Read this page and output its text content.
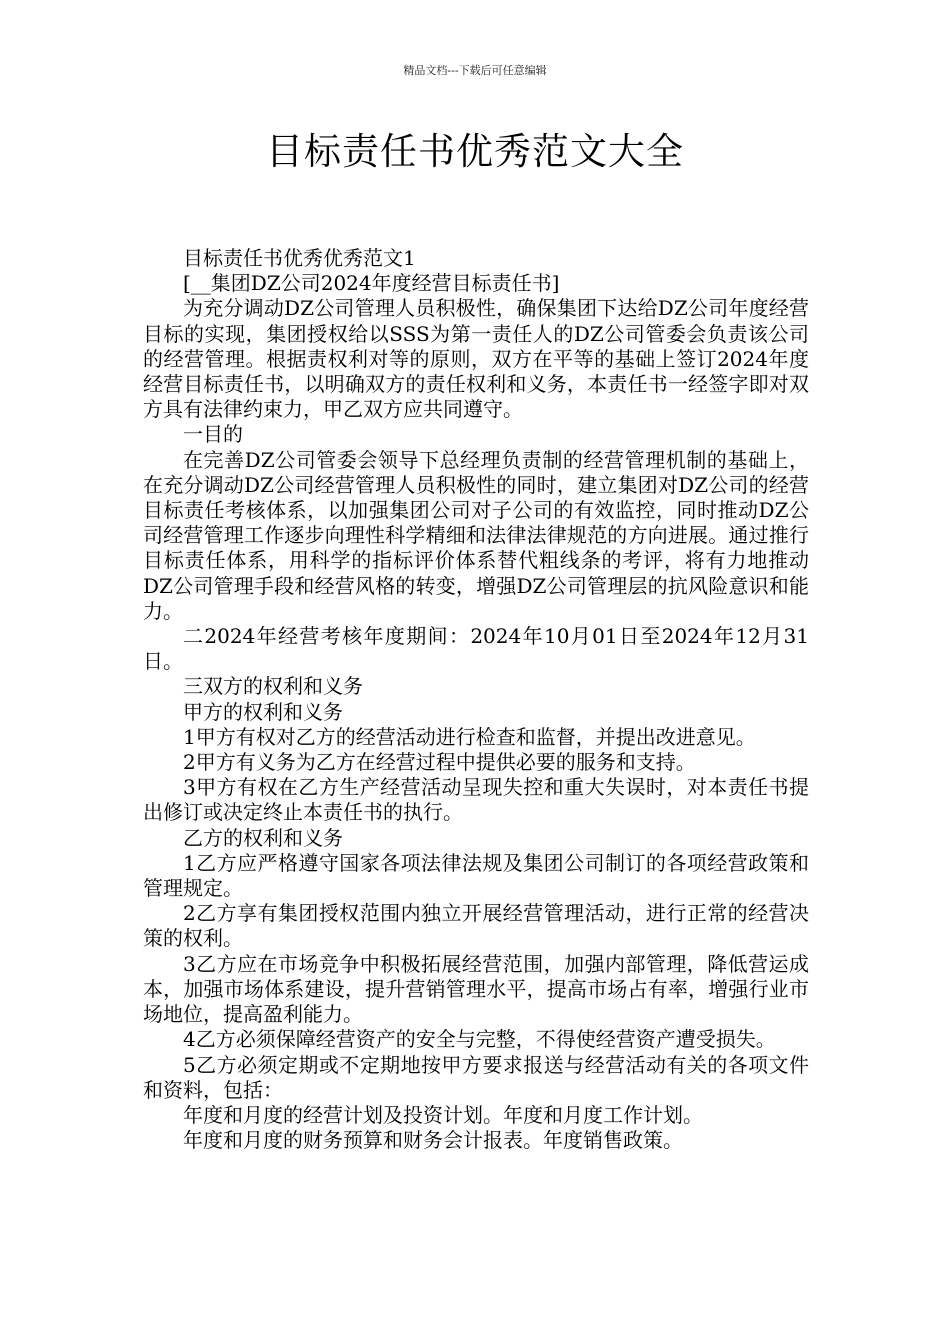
精品文档---下载后可任意编辑
目标责任书优秀范文大全

目标责任书优秀优秀范文1

[__集团DZ公司2024年度经营目标责任书]

为充分调动DZ公司管理人员积极性，确保集团下达给DZ公司年度经营目标的实现，集团授权给以SSS为第一责任人的DZ公司管委会负责该公司的经营管理。根据责权利对等的原则，双方在平等的基础上签订2024年度经营目标责任书，以明确双方的责任权利和义务，本责任书一经签字即对双方具有法律约束力，甲乙双方应共同遵守。

一目的

在完善DZ公司管委会领导下总经理负责制的经营管理机制的基础上，在充分调动DZ公司经营管理人员积极性的同时，建立集团对DZ公司的经营目标责任考核体系，以加强集团公司对子公司的有效监控，同时推动DZ公司经营管理工作逐步向理性科学精细和法律法律规范的方向进展。通过推行目标责任体系，用科学的指标评价体系替代粗线条的考评，将有力地推动DZ公司管理手段和经营风格的转变，增强DZ公司管理层的抗风险意识和能力。

二2024年经营考核年度期间：2024年10月01日至2024年12月31日。

三双方的权利和义务

甲方的权利和义务

1甲方有权对乙方的经营活动进行检查和监督，并提出改进意见。

2甲方有义务为乙方在经营过程中提供必要的服务和支持。

3甲方有权在乙方生产经营活动呈现失控和重大失误时，对本责任书提出修订或决定终止本责任书的执行。

乙方的权利和义务

1乙方应严格遵守国家各项法律法规及集团公司制订的各项经营政策和管理规定。

2乙方享有集团授权范围内独立开展经营管理活动，进行正常的经营决策的权利。

3乙方应在市场竞争中积极拓展经营范围，加强内部管理，降低营运成本，加强市场体系建设，提升营销管理水平，提高市场占有率，增强行业市场地位，提高盈利能力。

4乙方必须保障经营资产的安全与完整，不得使经营资产遭受损失。

5乙方必须定期或不定期地按甲方要求报送与经营活动有关的各项文件和资料，包括：

年度和月度的经营计划及投资计划。年度和月度工作计划。

年度和月度的财务预算和财务会计报表。年度销售政策。
